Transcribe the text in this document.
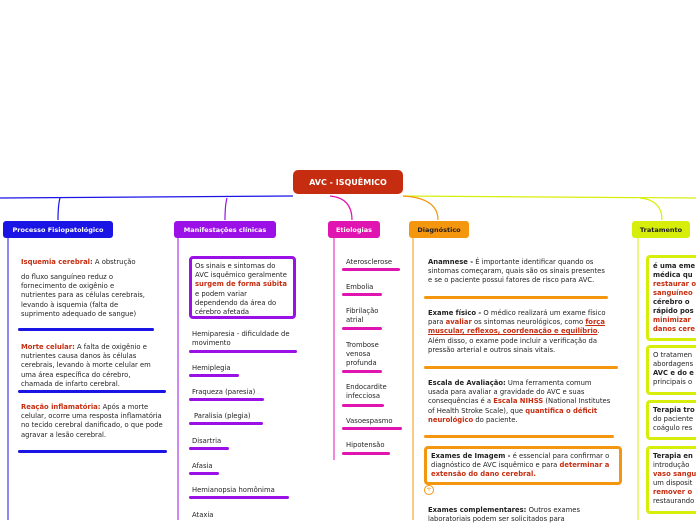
AVC - ISQUÊMICO
Processo Fisiopatológico
Isquemia cerebral: A obstrução
do fluxo sanguíneo reduz o fornecimento de oxigênio e nutrientes para as células cerebrais, levando à isquemia (falta de suprimento adequado de sangue)
Morte celular: A falta de oxigênio e nutrientes causa danos às células cerebrais, levando à morte celular em uma área específica do cérebro, chamada de infarto cerebral.
Reação inflamatória: Após a morte celular, ocorre uma resposta inflamatória no tecido cerebral danificado, o que pode agravar a lesão cerebral.
Manifestações clínicas
Os sinais e sintomas do AVC isquêmico geralmente surgem de forma súbita e podem variar dependendo da área do cérebro afetada
Hemiparesia - dificuldade de movimento
Hemiplegia
Fraqueza (paresia)
Paralisia (plegia)
Disartria
Afasia
Hemianopsia homônima
Ataxia
Etiologias
Aterosclerose
Embolia
Fibrilação atrial
Trombose venosa profunda
Endocardite infecciosa
Vasoespasmo
Hipotensão
Diagnóstico
Anamnese - É importante identificar quando os sintomas começaram, quais são os sinais presentes e se o paciente possui fatores de risco para AVC.
Exame físico - O médico realizará um exame físico para avaliar os sintomas neurológicos, como força muscular, reflexos, coordenação e equilíbrio. Além disso, o exame pode incluir a verificação da pressão arterial e outros sinais vitais.
Escala de Avaliação: Uma ferramenta comum usada para avaliar a gravidade do AVC e suas consequências é a Escala NIHSS (National Institutes of Health Stroke Scale), que quantifica o déficit neurológico do paciente.
Exames de Imagem - é essencial para confirmar o diagnóstico de AVC isquêmico e para determinar a extensão do dano cerebral.
+
Exames complementares: Outros exames laboratoriais podem ser solicitados para
Tratamento
é uma eme
médica qu
restaurar o
sanguíneo
cérebro o
rápido pos
minimizar
danos cere
O tratamen
abordagens
AVC e do e
principais o
Terapia tro
do paciente
coágulo res
Terapia en
introdução
vaso sangu
um disposit
remover o
restaurando
